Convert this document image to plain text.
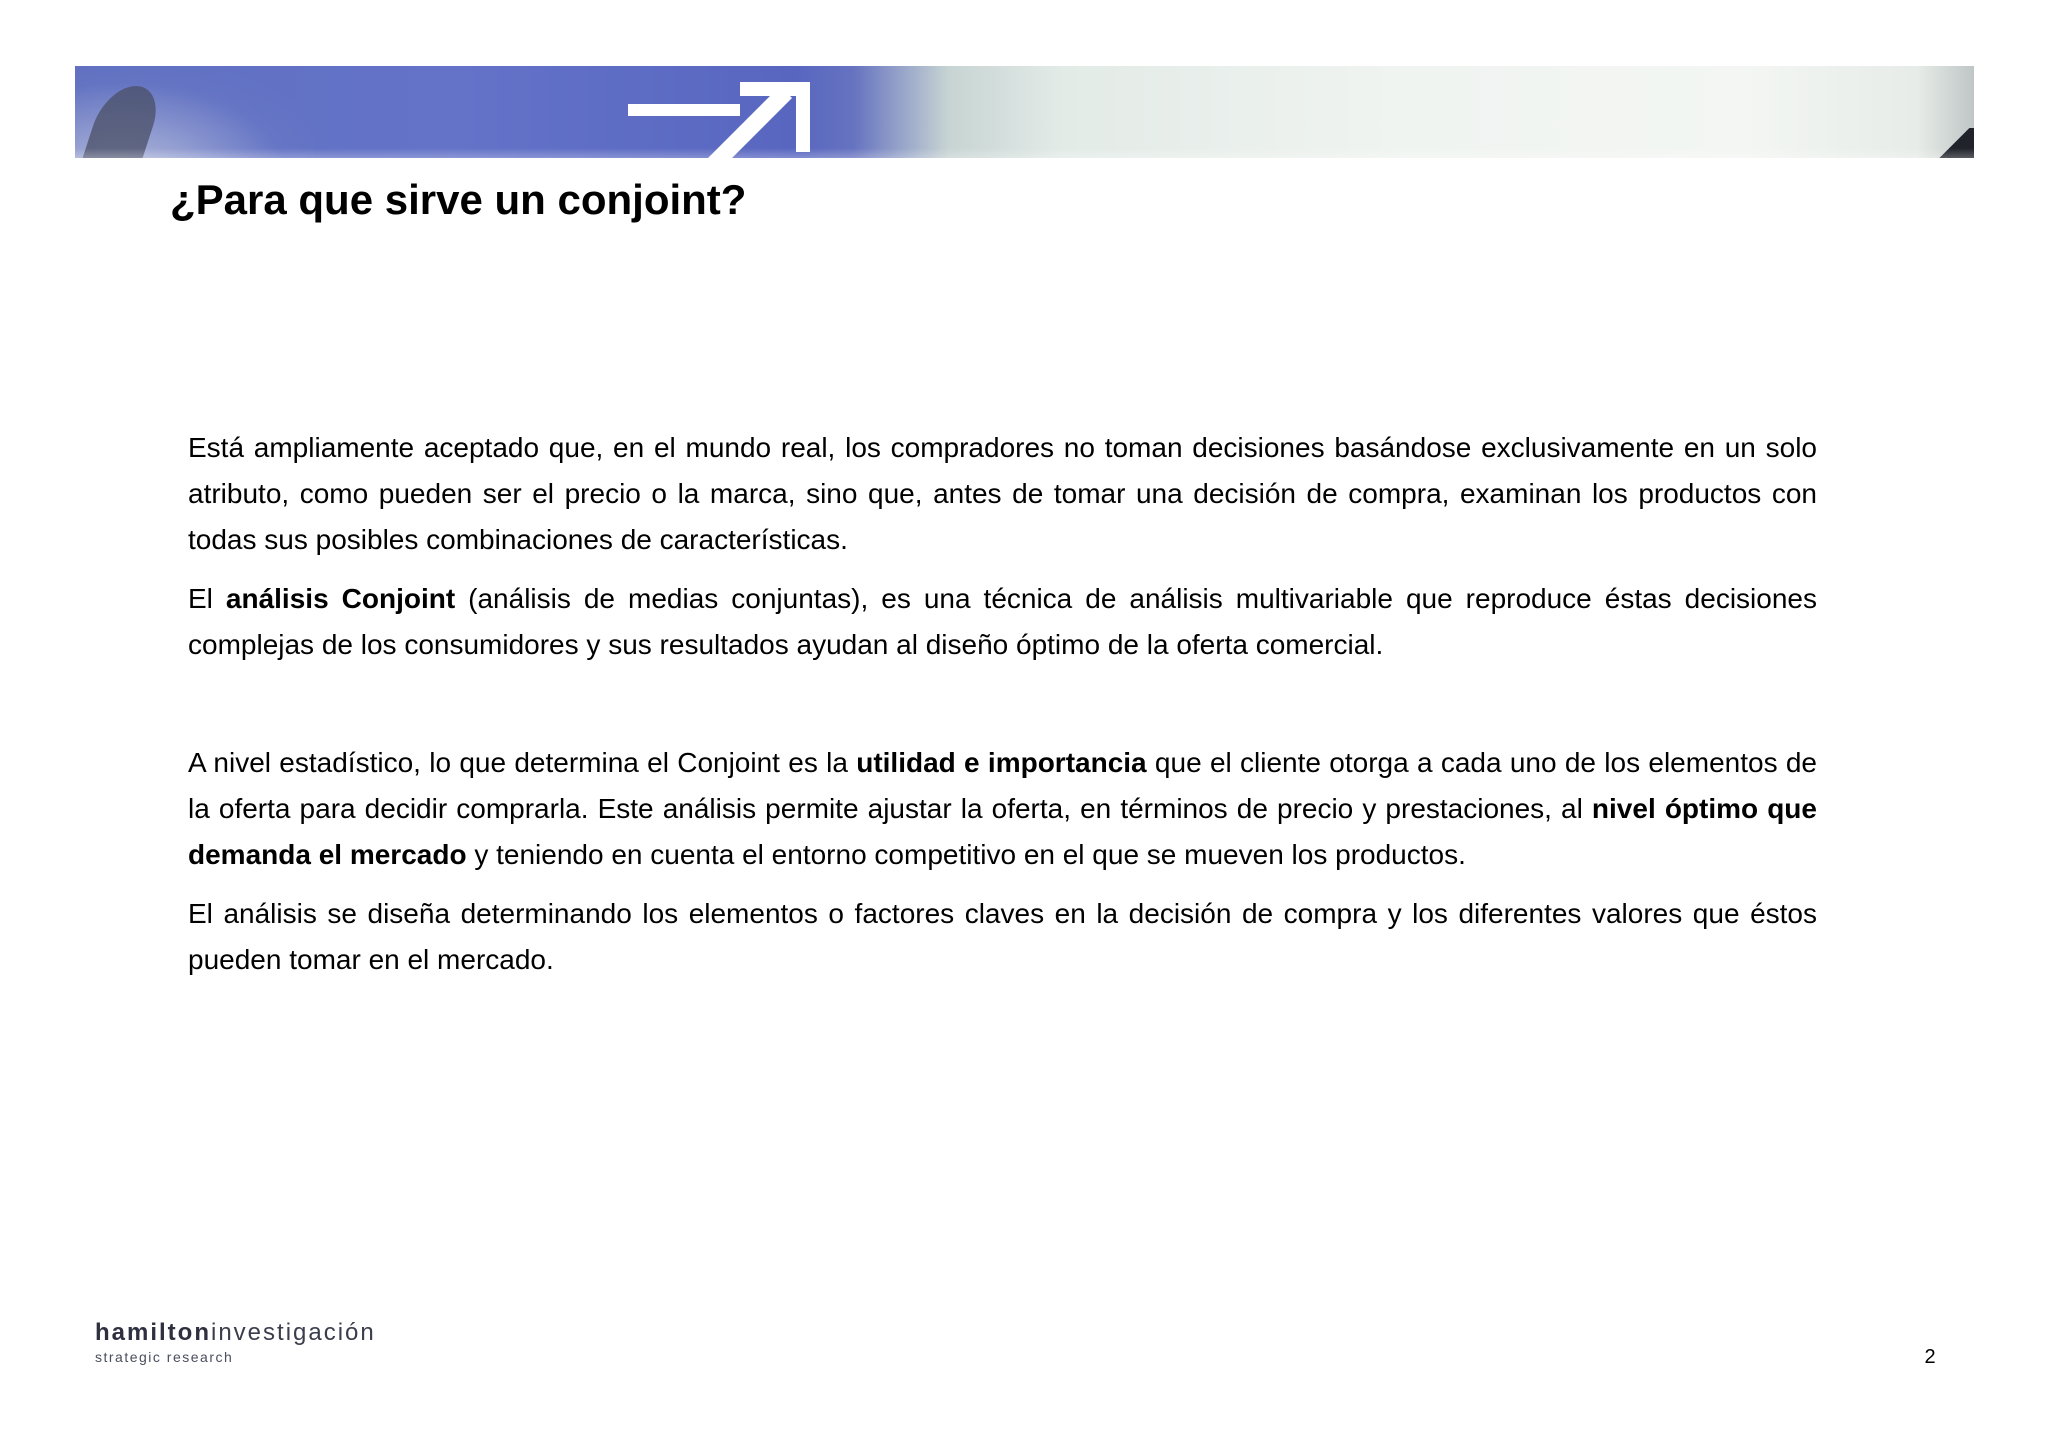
¿Para que sirve un conjoint?

Está ampliamente aceptado que, en el mundo real, los compradores no toman decisiones basándose exclusivamente en un solo atributo, como pueden ser el precio o la marca, sino que, antes de tomar una decisión de compra, examinan los productos con todas sus posibles combinaciones de características.

El análisis Conjoint (análisis de medias conjuntas), es una técnica de análisis multivariable que reproduce éstas decisiones complejas de los consumidores y sus resultados ayudan al diseño óptimo de la oferta comercial.

A nivel estadístico, lo que determina el Conjoint es la utilidad e importancia que el cliente otorga a cada uno de los elementos de la oferta para decidir comprarla. Este análisis permite ajustar la oferta, en términos de precio y prestaciones, al nivel óptimo que demanda el mercado y teniendo en cuenta el entorno competitivo en el que se mueven los productos.

El análisis se diseña determinando los elementos o factores claves en la decisión de compra y los diferentes valores que éstos pueden tomar en el mercado.

hamiltoninvestigación
strategic research	2
